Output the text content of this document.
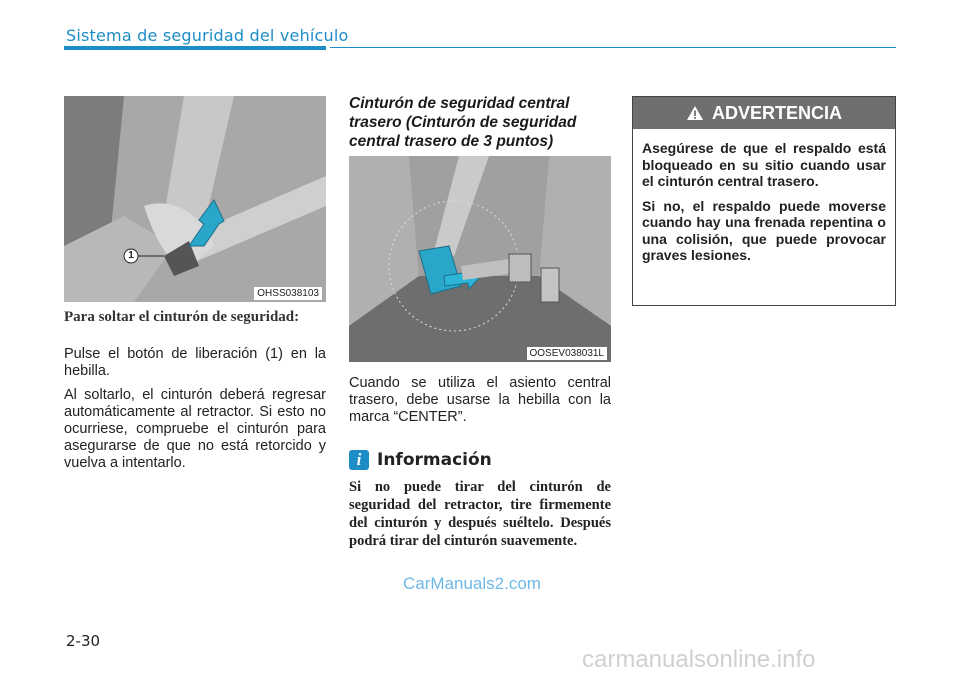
Sistema de seguridad del vehículo
1
OHSS038103
Para soltar el cinturón de seguridad:
Pulse el botón de liberación (1) en la hebilla.
Al soltarlo, el cinturón deberá regresar automáticamente al retractor. Si esto no ocurriese, compruebe el cinturón para asegurarse de que no está retorcido y vuelva a intentarlo.
Cinturón de seguridad central trasero (Cinturón de seguridad central trasero de 3 puntos)
OOSEV038031L
Cuando se utiliza el asiento central trasero, debe usarse la hebilla con la marca “CENTER”.
i Información
Si no puede tirar del cinturón de seguridad del retractor, tire firmemente del cinturón y después suéltelo. Después podrá tirar del cinturón suavemente.
ADVERTENCIA

Asegúrese de que el respaldo está bloqueado en su sitio cuando usar el cinturón central trasero.

Si no, el respaldo puede moverse cuando hay una frenada repentina o una colisión, que puede provocar graves lesiones.

2-30
CarManuals2.com
carmanualsonline.info
